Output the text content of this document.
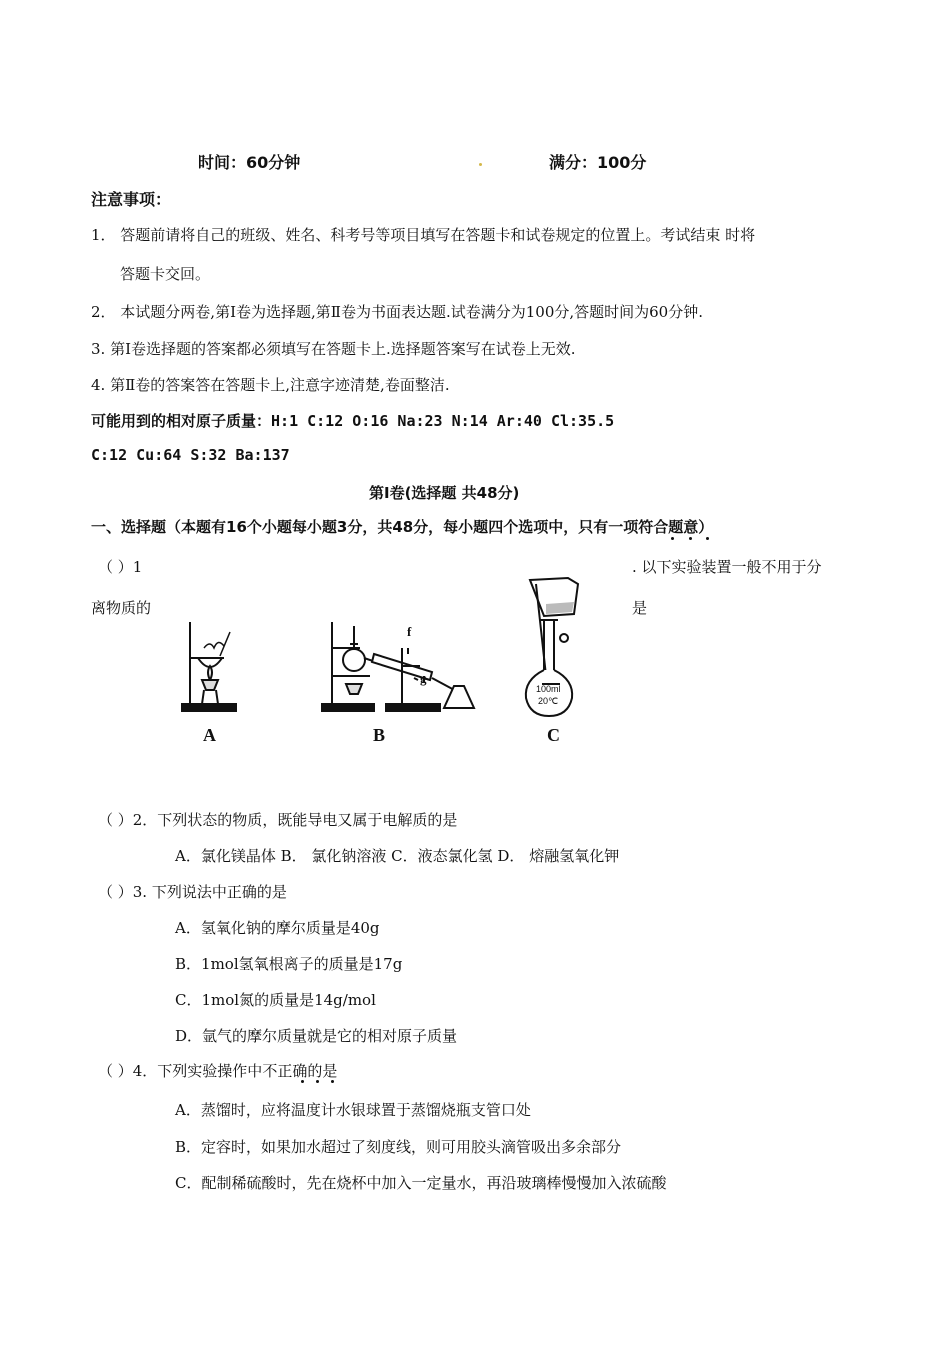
时间：60分钟	满分：100分
注意事项：
1． 答题前请将自己的班级、姓名、科考号等项目填写在答题卡和试卷规定的位置上。考试结束 时将
答题卡交回。
2． 本试题分两卷,第Ⅰ卷为选择题,第Ⅱ卷为书面表达题.试卷满分为100分,答题时间为60分钟.
3. 第Ⅰ卷选择题的答案都必须填写在答题卡上.选择题答案写在试卷上无效.
4. 第Ⅱ卷的答案答在答题卡上,注意字迹清楚,卷面整洁.
可能用到的相对原子质量：H:1 C:12 O:16 Na:23 N:14 Ar:40 Cl:35.5
C:12 Cu:64 S:32 Ba:137
第Ⅰ卷(选择题 共48分)
一、选择题（本题有16个小题每小题3分，共48分，每小题四个选项中，只有一项符合题意）
（ ）1	. 以下实验装置一般不用于分
离物质的	是
A
f
g
B
100ml
20℃
C
（ ）2．下列状态的物质，既能导电又属于电解质的是
A．氯化镁晶体 B． 氯化钠溶液 C．液态氯化氢 D． 熔融氢氧化钾
（ ）3. 下列说法中正确的是
A．氢氧化钠的摩尔质量是40g
B．1mol氢氧根离子的质量是17g
C．1mol氮的质量是14g/mol
D．氩气的摩尔质量就是它的相对原子质量
（ ）4．下列实验操作中不正确的是
A．蒸馏时，应将温度计水银球置于蒸馏烧瓶支管口处
B．定容时，如果加水超过了刻度线，则可用胶头滴管吸出多余部分
C．配制稀硫酸时，先在烧杯中加入一定量水，再沿玻璃棒慢慢加入浓硫酸
